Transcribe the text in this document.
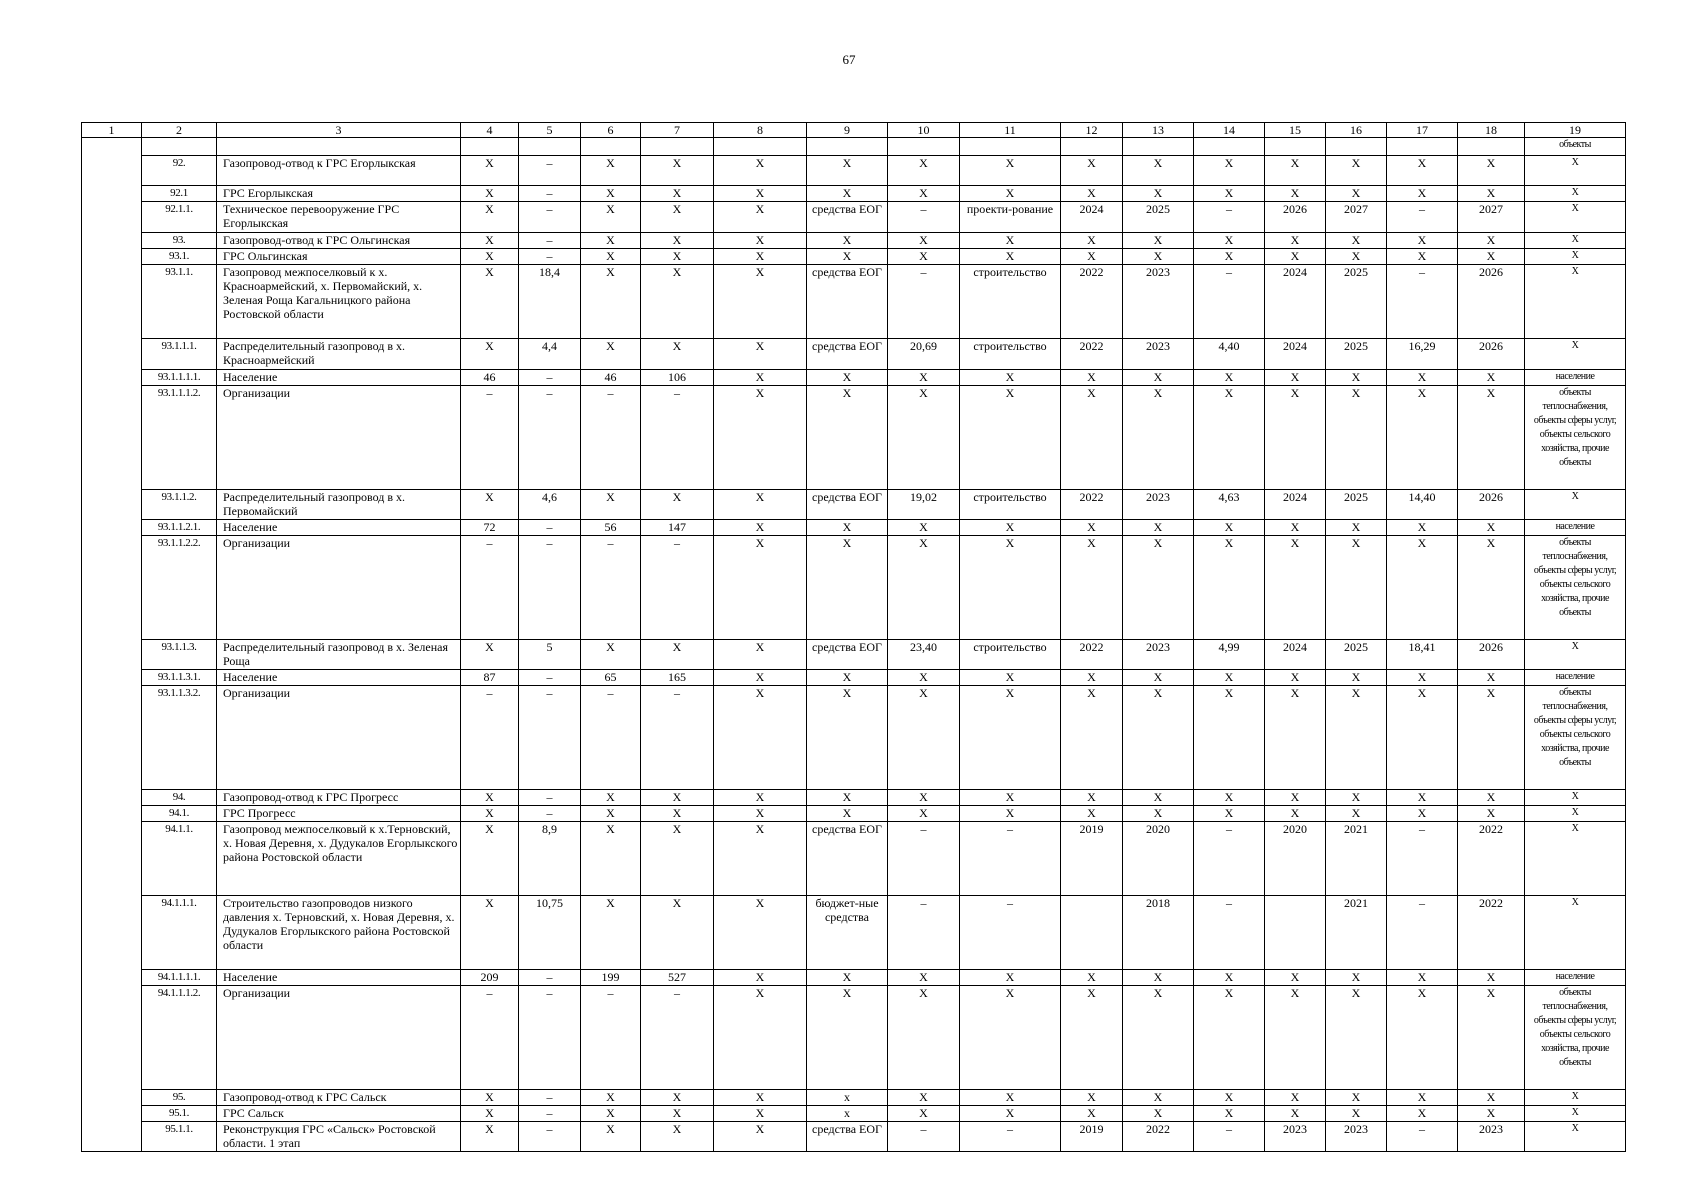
67
1	2	3	4	5	6	7	8	9	10	11	12	13	14	15	16	17	18	19
																		объекты
	92.	Газопровод-отвод к ГРС Егорлыкская	X	–	X	X	X	X	X	X	X	X	X	X	X	X	X	X
	92.1	ГРС Егорлыкская	X	–	X	X	X	X	X	X	X	X	X	X	X	X	X	X
	92.1.1.	Техническое перевооружение ГРС Егорлыкская	X	–	X	X	X	средства ЕОГ	–	проекти-рование	2024	2025	–	2026	2027	–	2027	X
	93.	Газопровод-отвод к ГРС Ольгинская	X	–	X	X	X	X	X	X	X	X	X	X	X	X	X	X
	93.1.	ГРС Ольгинская	X	–	X	X	X	X	X	X	X	X	X	X	X	X	X	X
	93.1.1.	Газопровод межпоселковый к х. Красноармейский, х. Первомайский, х. Зеленая Роща Кагальницкого района Ростовской области	X	18,4	X	X	X	средства ЕОГ	–	строительство	2022	2023	–	2024	2025	–	2026	X
	93.1.1.1.	Распределительный газопровод в х. Красноармейский	X	4,4	X	X	X	средства ЕОГ	20,69	строительство	2022	2023	4,40	2024	2025	16,29	2026	X
	93.1.1.1.1.	Население	46	–	46	106	X	X	X	X	X	X	X	X	X	X	X	население
	93.1.1.1.2.	Организации	–	–	–	–	X	X	X	X	X	X	X	X	X	X	X	объекты теплоснабжения, объекты сферы услуг, объекты сельского хозяйства, прочие объекты
	93.1.1.2.	Распределительный газопровод в х. Первомайский	X	4,6	X	X	X	средства ЕОГ	19,02	строительство	2022	2023	4,63	2024	2025	14,40	2026	X
	93.1.1.2.1.	Население	72	–	56	147	X	X	X	X	X	X	X	X	X	X	X	население
	93.1.1.2.2.	Организации	–	–	–	–	X	X	X	X	X	X	X	X	X	X	X	объекты теплоснабжения, объекты сферы услуг, объекты сельского хозяйства, прочие объекты
	93.1.1.3.	Распределительный газопровод в х. Зеленая Роща	X	5	X	X	X	средства ЕОГ	23,40	строительство	2022	2023	4,99	2024	2025	18,41	2026	X
	93.1.1.3.1.	Население	87	–	65	165	X	X	X	X	X	X	X	X	X	X	X	население
	93.1.1.3.2.	Организации	–	–	–	–	X	X	X	X	X	X	X	X	X	X	X	объекты теплоснабжения, объекты сферы услуг, объекты сельского хозяйства, прочие объекты
	94.	Газопровод-отвод к ГРС Прогресс	X	–	X	X	X	X	X	X	X	X	X	X	X	X	X	X
	94.1.	ГРС Прогресс	X	–	X	X	X	X	X	X	X	X	X	X	X	X	X	X
	94.1.1.	Газопровод межпоселковый к х.Терновский, х. Новая Деревня, х. Дудукалов Егорлыкского района Ростовской области	X	8,9	X	X	X	средства ЕОГ	–	–	2019	2020	–	2020	2021	–	2022	X
	94.1.1.1.	Строительство газопроводов низкого давления х. Терновский, х. Новая Деревня, х. Дудукалов Егорлыкского района Ростовской области	X	10,75	X	X	X	бюджет-ные средства	–	–		2018	–		2021	–	2022	X
	94.1.1.1.1.	Население	209	–	199	527	X	X	X	X	X	X	X	X	X	X	X	население
	94.1.1.1.2.	Организации	–	–	–	–	X	X	X	X	X	X	X	X	X	X	X	объекты теплоснабжения, объекты сферы услуг, объекты сельского хозяйства, прочие объекты
	95.	Газопровод-отвод к ГРС Сальск	X	–	X	X	X	х	X	X	X	X	X	X	X	X	X	X
	95.1.	ГРС Сальск	X	–	X	X	X	х	X	X	X	X	X	X	X	X	X	X
	95.1.1.	Реконструкция ГРС «Сальск» Ростовской области. 1 этап	X	–	X	X	X	средства ЕОГ	–	–	2019	2022	–	2023	2023	–	2023	X
